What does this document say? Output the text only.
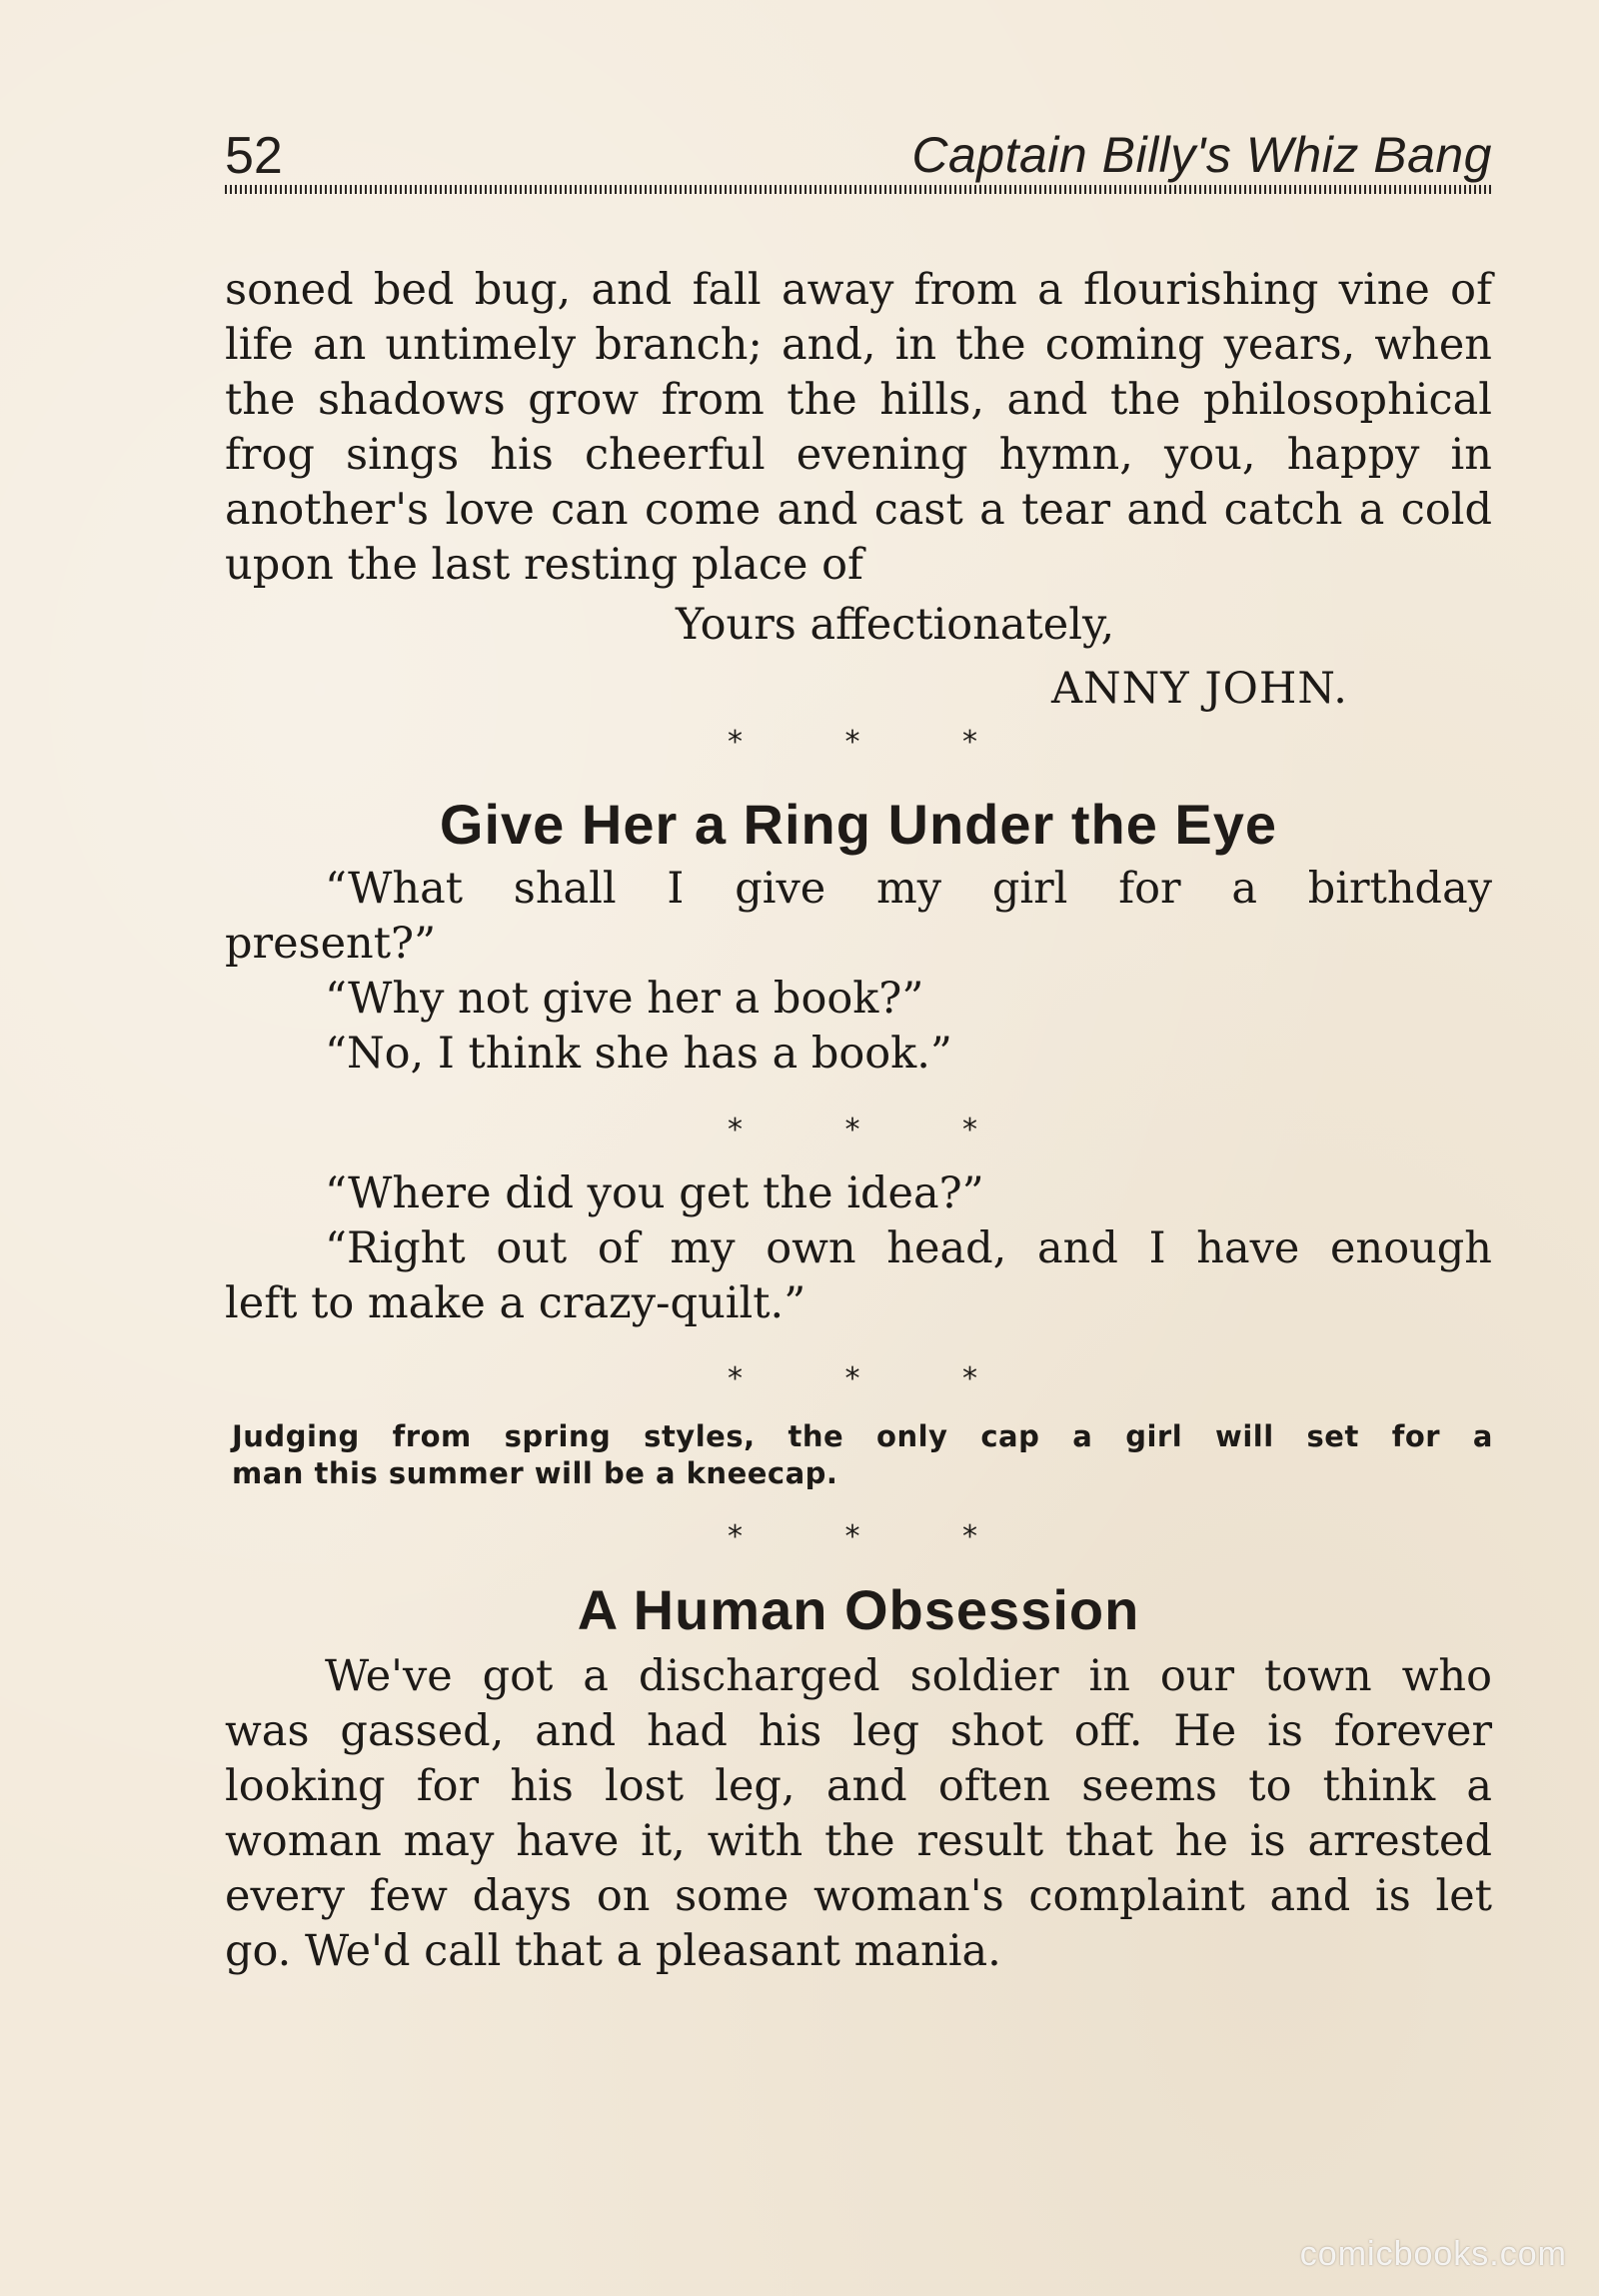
52	Captain Billy's Whiz Bang
soned bed bug, and fall away from a flourishing vine of
life an untimely branch; and, in the coming years, when
the shadows grow from the hills, and the philosophical
frog sings his cheerful evening hymn, you, happy in
another's love can come and cast a tear and catch a cold
upon the last resting place of
Yours affectionately,
ANNY JOHN.
*	*	*
Give Her a Ring Under the Eye
“What shall I give my girl for a birthday
present?”
“Why not give her a book?”
“No, I think she has a book.”
*	*	*
“Where did you get the idea?”
“Right out of my own head, and I have enough
left to make a crazy-quilt.”
*	*	*
Judging from spring styles, the only cap a girl will set for a
man this summer will be a kneecap.
*	*	*
A Human Obsession
We've got a discharged soldier in our town who
was gassed, and had his leg shot off. He is forever
looking for his lost leg, and often seems to think a
woman may have it, with the result that he is arrested
every few days on some woman's complaint and is let
go. We'd call that a pleasant mania.
comicbooks.com
